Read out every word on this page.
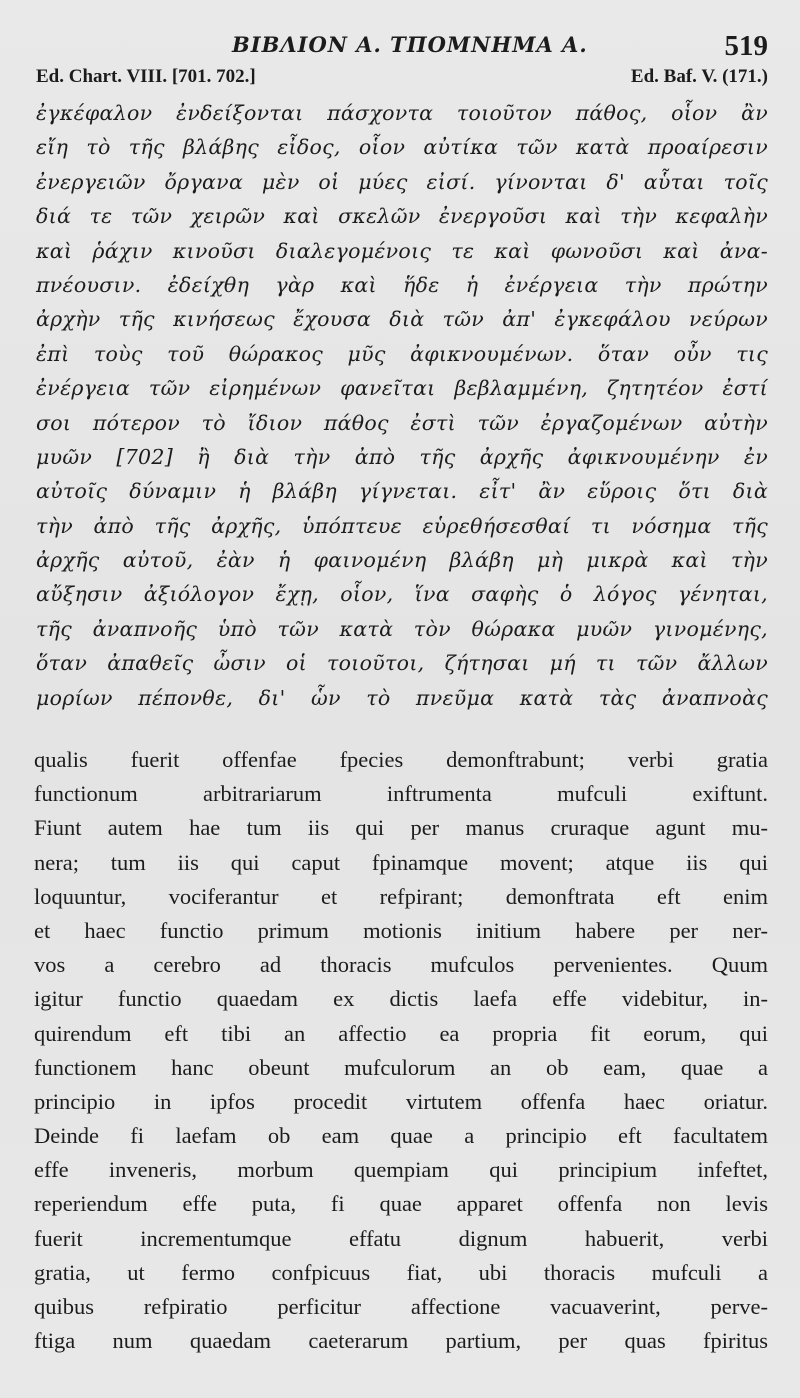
ΒΙΒΛΙΟΝ Α. ΤΠΟΜΝΗΜΑ Α.	519
Ed. Chart. VIII. [701. 702.]	Ed. Baf. V. (171.)
ἐγκέφαλον ἐνδείξονται πάσχοντα τοιοῦτον πάθος, οἷον ἂν
εἴη τὸ τῆς βλάβης εἶδος, οἷον αὐτίκα τῶν κατὰ προαίρεσιν
ἐνεργειῶν ὄργανα μὲν οἱ μύες εἰσί. γίνονται δ' αὗται τοῖς
διά τε τῶν χειρῶν καὶ σκελῶν ἐνεργοῦσι καὶ τὴν κεφαλὴν
καὶ ῥάχιν κινοῦσι διαλεγομένοις τε καὶ φωνοῦσι καὶ ἀνα-
πνέουσιν. ἐδείχθη γὰρ καὶ ἥδε ἡ ἐνέργεια τὴν πρώτην
ἀρχὴν τῆς κινήσεως ἔχουσα διὰ τῶν ἀπ' ἐγκεφάλου νεύρων
ἐπὶ τοὺς τοῦ θώρακος μῦς ἀφικνουμένων. ὅταν οὖν τις
ἐνέργεια τῶν εἰρημένων φανεῖται βεβλαμμένη, ζητητέον ἐστί
σοι πότερον τὸ ἴδιον πάθος ἐστὶ τῶν ἐργαζομένων αὐτὴν
μυῶν [702] ἢ διὰ τὴν ἀπὸ τῆς ἀρχῆς ἀφικνουμένην ἐν
αὐτοῖς δύναμιν ἡ βλάβη γίγνεται. εἶτ' ἂν εὕροις ὅτι διὰ
τὴν ἀπὸ τῆς ἀρχῆς, ὑπόπτευε εὑρεθήσεσθαί τι νόσημα τῆς
ἀρχῆς αὐτοῦ, ἐὰν ἡ φαινομένη βλάβη μὴ μικρὰ καὶ τὴν
αὔξησιν ἀξιόλογον ἔχῃ, οἷον, ἵνα σαφὴς ὁ λόγος γένηται,
τῆς ἀναπνοῆς ὑπὸ τῶν κατὰ τὸν θώρακα μυῶν γινομένης,
ὅταν ἀπαθεῖς ὦσιν οἱ τοιοῦτοι, ζήτησαι μή τι τῶν ἄλλων
μορίων πέπονθε, δι' ὧν τὸ πνεῦμα κατὰ τὰς ἀναπνοὰς
qualis fuerit offenfae fpecies demonftrabunt; verbi gratia
functionum arbitrariarum inftrumenta mufculi exiftunt.
Fiunt autem hae tum iis qui per manus cruraque agunt mu-
nera; tum iis qui caput fpinamque movent; atque iis qui
loquuntur, vociferantur et refpirant; demonftrata eft enim
et haec functio primum motionis initium habere per ner-
vos a cerebro ad thoracis mufculos pervenientes. Quum
igitur functio quaedam ex dictis laefa effe videbitur, in-
quirendum eft tibi an affectio ea propria fit eorum, qui
functionem hanc obeunt mufculorum an ob eam, quae a
principio in ipfos procedit virtutem offenfa haec oriatur.
Deinde fi laefam ob eam quae a principio eft facultatem
effe inveneris, morbum quempiam qui principium infeftet,
reperiendum effe puta, fi quae apparet offenfa non levis
fuerit incrementumque effatu dignum habuerit, verbi
gratia, ut fermo confpicuus fiat, ubi thoracis mufculi a
quibus refpiratio perficitur affectione vacuaverint, perve-
ftiga num quaedam caeterarum partium, per quas fpiritus
